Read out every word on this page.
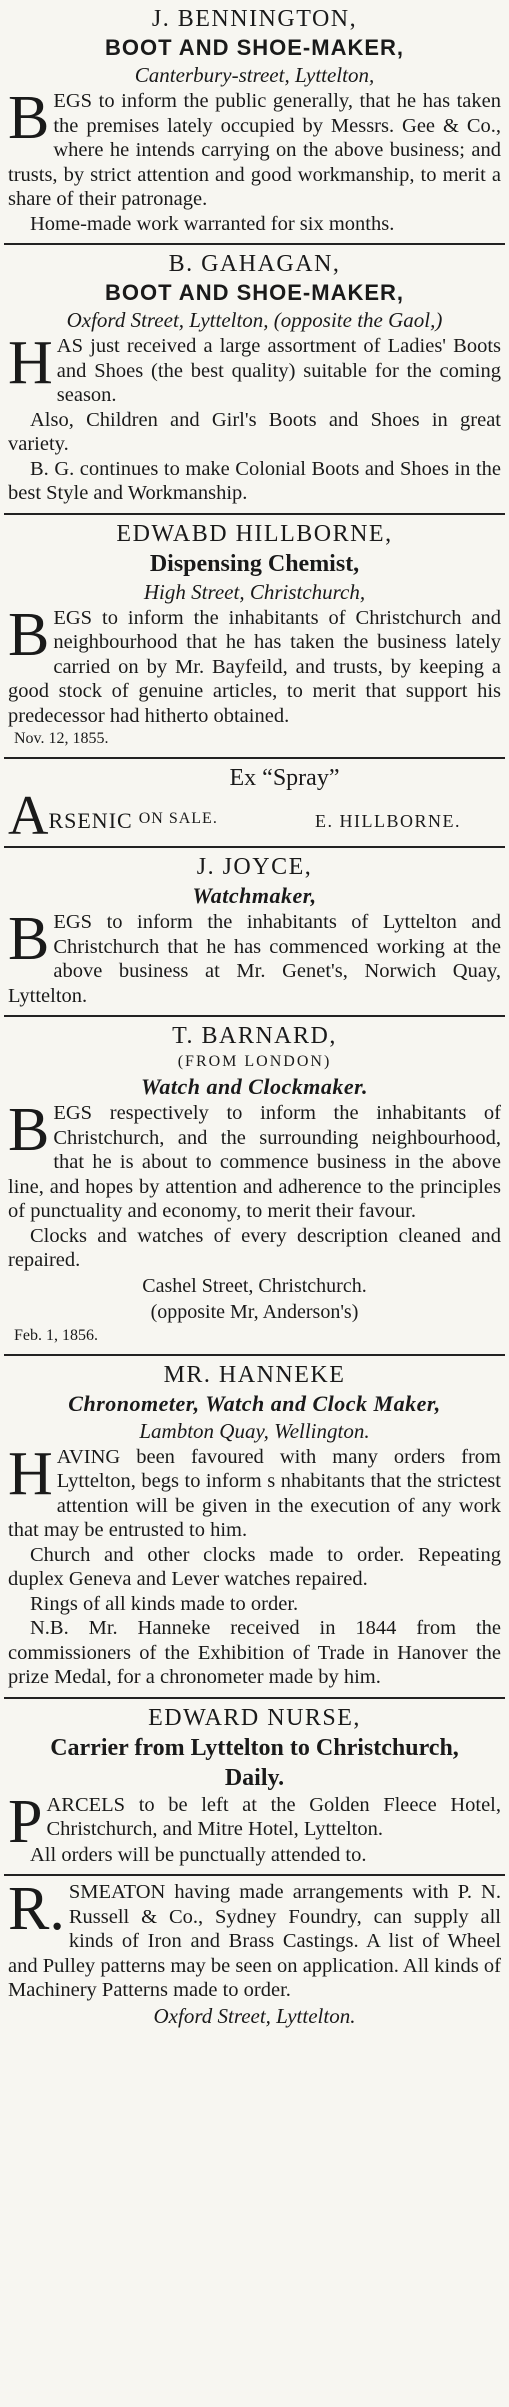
J. BENNINGTON,
BOOT AND SHOE-MAKER,
Canterbury-street, Lyttelton,

BEGS to inform the public generally, that he has taken the premises lately occupied by Messrs. Gee & Co., where he intends carrying on the above business; and trusts, by strict attention and good workmanship, to merit a share of their patronage.

Home-made work warranted for six months.

B. GAHAGAN,
BOOT AND SHOE-MAKER,
Oxford Street, Lyttelton, (opposite the Gaol,)

HAS just received a large assortment of Ladies' Boots and Shoes (the best quality) suitable for the coming season.

Also, Children and Girl's Boots and Shoes in great variety.

B. G. continues to make Colonial Boots and Shoes in the best Style and Workmanship.

EDWABD HILLBORNE,
Dispensing Chemist,
High Street, Christchurch,

BEGS to inform the inhabitants of Christchurch and neighbourhood that he has taken the business lately carried on by Mr. Bayfeild, and trusts, by keeping a good stock of genuine articles, to merit that support his predecessor had hitherto obtained.

Nov. 12, 1855.
Ex “Spray”
A RSENIC ON SALE.	E. HILLBORNE.
J. JOYCE,
Watchmaker,

BEGS to inform the inhabitants of Lyttelton and Christchurch that he has commenced working at the above business at Mr. Genet's, Norwich Quay, Lyttelton.

T. BARNARD,
(FROM LONDON)
Watch and Clockmaker.

BEGS respectively to inform the inhabitants of Christchurch, and the surrounding neighbourhood, that he is about to commence business in the above line, and hopes by attention and adherence to the principles of punctuality and economy, to merit their favour.

Clocks and watches of every description cleaned and repaired.

Cashel Street, Christchurch.
(opposite Mr, Anderson's)
Feb. 1, 1856.
MR. HANNEKE
Chronometer, Watch and Clock Maker,
Lambton Quay, Wellington.

HAVING been favoured with many orders from Lyttelton, begs to inform s nhabitants that the strictest attention will be given in the execution of any work that may be entrusted to him.

Church and other clocks made to order. Repeating duplex Geneva and Lever watches repaired.

Rings of all kinds made to order.

N.B. Mr. Hanneke received in 1844 from the commissioners of the Exhibition of Trade in Hanover the prize Medal, for a chronometer made by him.

EDWARD NURSE,
Carrier from Lyttelton to Christchurch,
Daily.

PARCELS to be left at the Golden Fleece Hotel, Christchurch, and Mitre Hotel, Lyttelton.

All orders will be punctually attended to.

R. SMEATON having made arrangements with P. N. Russell & Co., Sydney Foundry, can supply all kinds of Iron and Brass Castings. A list of Wheel and Pulley patterns may be seen on application. All kinds of Machinery Patterns made to order.

Oxford Street, Lyttelton.
